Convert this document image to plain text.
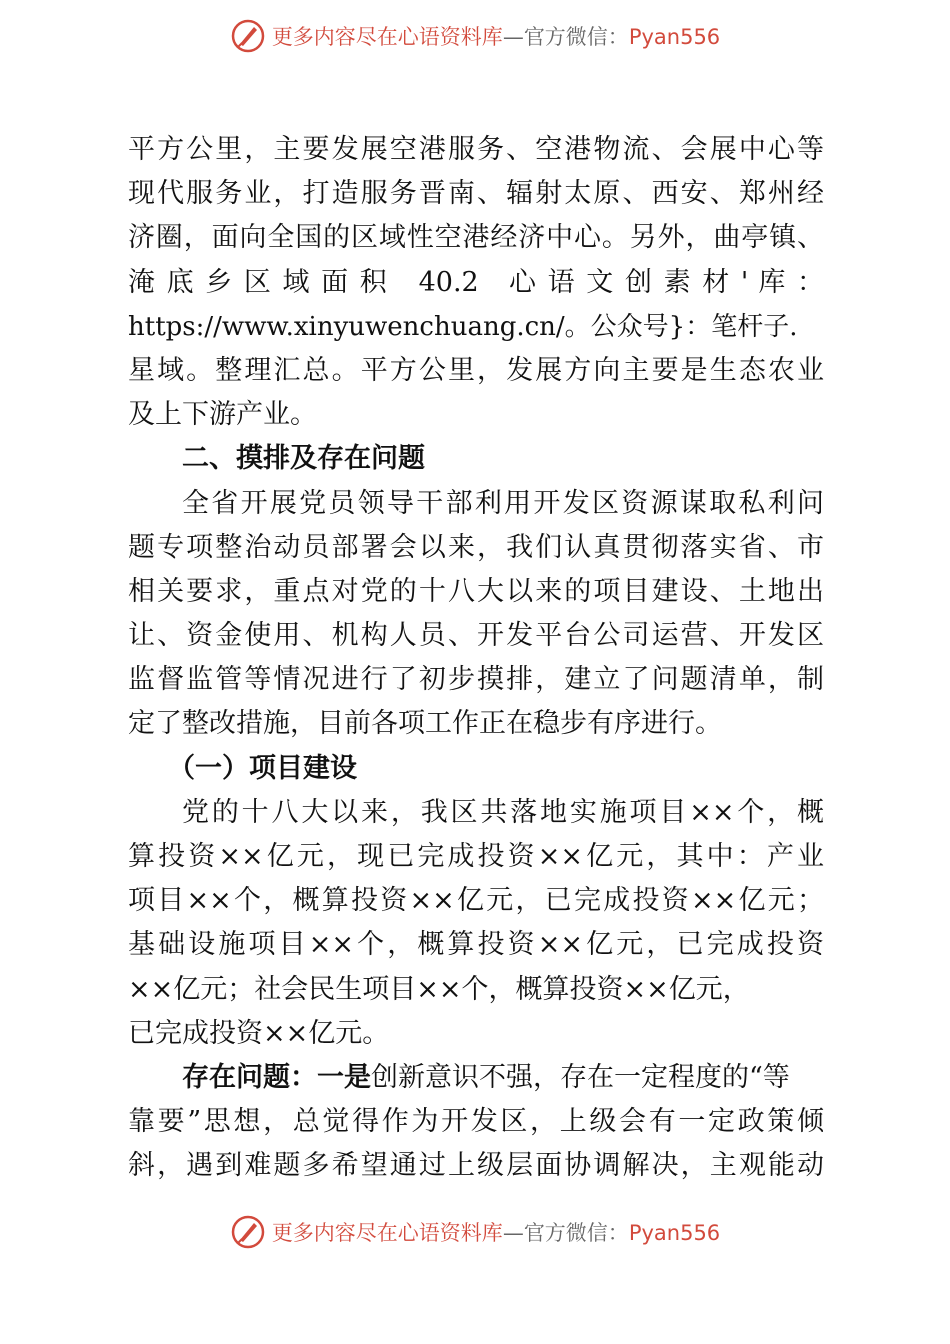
更多内容尽在心语资料库—官方微信：Pyan556
平方公里，主要发展空港服务、空港物流、会展中心等
现代服务业，打造服务晋南、辐射太原、西安、郑州经
济圈，面向全国的区域性空港经济中心。另外，曲亭镇、
淹 底 乡 区 域 面 积   40.2   心 语 文 创 素 材 ' 库 ：
https://www.xinyuwenchuang.cn/。公众号}：笔杆子.
星域。整理汇总。平方公里，发展方向主要是生态农业
及上下游产业。
二、摸排及存在问题
全省开展党员领导干部利用开发区资源谋取私利问
题专项整治动员部署会以来，我们认真贯彻落实省、市
相关要求，重点对党的十八大以来的项目建设、土地出
让、资金使用、机构人员、开发平台公司运营、开发区
监督监管等情况进行了初步摸排，建立了问题清单，制
定了整改措施，目前各项工作正在稳步有序进行。
（一）项目建设
党的十八大以来，我区共落地实施项目××个，概
算投资××亿元，现已完成投资××亿元，其中：产业
项目××个，概算投资××亿元，已完成投资××亿元；
基础设施项目××个，概算投资××亿元，已完成投资
××亿元；社会民生项目××个，概算投资××亿元，
已完成投资××亿元。
存在问题：一是创新意识不强，存在一定程度的“等
靠要”思想，总觉得作为开发区，上级会有一定政策倾
斜，遇到难题多希望通过上级层面协调解决，主观能动
更多内容尽在心语资料库—官方微信：Pyan556
